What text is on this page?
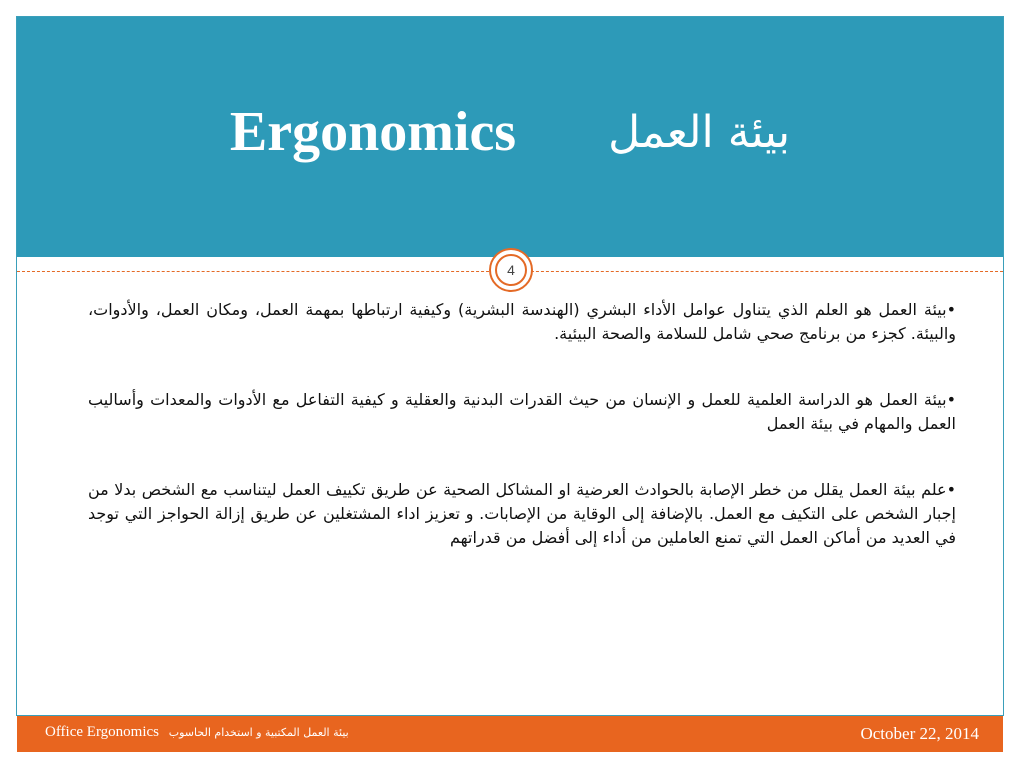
Ergonomics بيئة العمل
4

•بيئة العمل هو العلم الذي يتناول عوامل الأداء البشري (الهندسة البشرية) وكيفية ارتباطها بمهمة العمل، ومكان العمل، والأدوات، والبيئة. كجزء من برنامج صحي شامل للسلامة والصحة البيئية.

•بيئة العمل هو الدراسة العلمية للعمل و الإنسان من حيث القدرات البدنية والعقلية و كيفية التفاعل مع الأدوات والمعدات وأساليب العمل والمهام في بيئة العمل

•علم بيئة العمل يقلل من خطر الإصابة بالحوادث العرضية او المشاكل الصحية عن طريق تكييف العمل ليتناسب مع الشخص بدلا من إجبار الشخص على التكيف مع العمل. بالإضافة إلى الوقاية من الإصابات. و تعزيز اداء المشتغلين عن طريق إزالة الحواجز التي توجد في العديد من أماكن العمل التي تمنع العاملين من أداء إلى أفضل من قدراتهم

Office Ergonomics بيئة العمل المكتبية و استخدام الحاسوب	October 22, 2014
